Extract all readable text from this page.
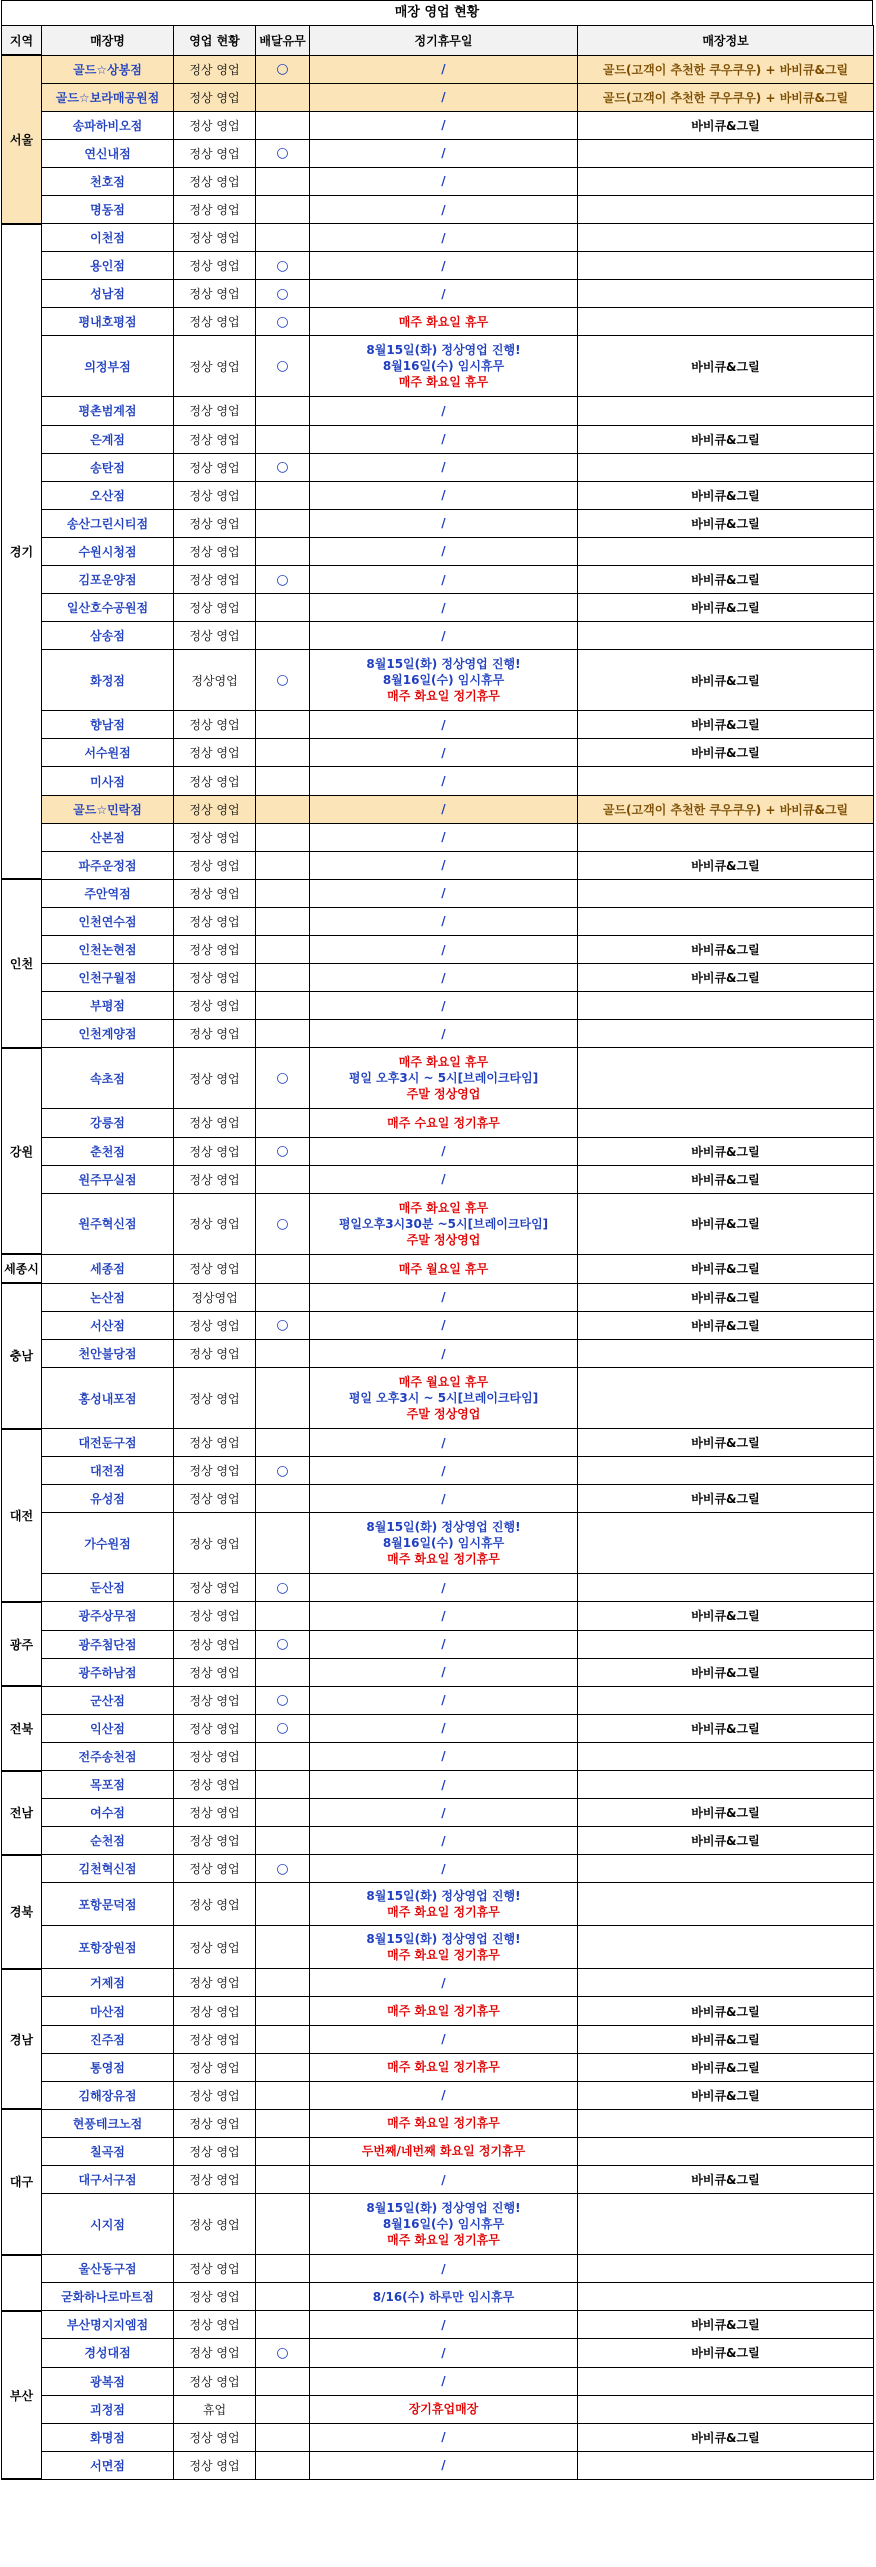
매장 영업 현황
지역	매장명	영업 현황	배달유무	정기휴무일	매장정보
서울	골드☆상봉점	정상 영업	○	/	골드(고객이 추천한 쿠우쿠우) + 바비큐&그릴
	골드☆보라매공원점	정상 영업		/	골드(고객이 추천한 쿠우쿠우) + 바비큐&그릴
	송파하비오점	정상 영업		/	바비큐&그릴
	연신내점	정상 영업	○	/	

	천호점	정상 영업		/	

	명동점	정상 영업		/	

경기	이천점	정상 영업		/	

	용인점	정상 영업	○	/	

	성남점	정상 영업	○	/	

	평내호평점	정상 영업	○	매주 화요일 휴무	

	의정부점	정상 영업	○	8월15일(화) 정상영업 진행!
8월16일(수) 임시휴무
매주 화요일 휴무	바비큐&그릴
	평촌범계점	정상 영업		/	

	은계점	정상 영업		/	바비큐&그릴
	송탄점	정상 영업	○	/	

	오산점	정상 영업		/	바비큐&그릴
	송산그린시티점	정상 영업		/	바비큐&그릴
	수원시청점	정상 영업		/	

	김포운양점	정상 영업	○	/	바비큐&그릴
	일산호수공원점	정상 영업		/	바비큐&그릴
	삼송점	정상 영업		/	

	화정점	정상영업	○	8월15일(화) 정상영업 진행!
8월16일(수) 임시휴무
매주 화요일 정기휴무	바비큐&그릴
	향남점	정상 영업		/	바비큐&그릴
	서수원점	정상 영업		/	바비큐&그릴
	미사점	정상 영업		/	

	골드☆민락점	정상 영업		/	골드(고객이 추천한 쿠우쿠우) + 바비큐&그릴
	산본점	정상 영업		/	

	파주운정점	정상 영업		/	바비큐&그릴
인천	주안역점	정상 영업		/	

	인천연수점	정상 영업		/	

	인천논현점	정상 영업		/	바비큐&그릴
	인천구월점	정상 영업		/	바비큐&그릴
	부평점	정상 영업		/	

	인천계양점	정상 영업		/	

강원	속초점	정상 영업	○	매주 화요일 휴무
평일 오후3시 ~ 5시[브레이크타임]
주말 정상영업	

	강릉점	정상 영업		매주 수요일 정기휴무	

	춘천점	정상 영업	○	/	바비큐&그릴
	원주무실점	정상 영업		/	바비큐&그릴
	원주혁신점	정상 영업	○	매주 화요일 휴무
평일오후3시30분 ~5시[브레이크타임]
주말 정상영업	바비큐&그릴
세종시	세종점	정상 영업		매주 월요일 휴무	바비큐&그릴
충남	논산점	정상영업		/	바비큐&그릴
	서산점	정상 영업	○	/	바비큐&그릴
	천안불당점	정상 영업		/	

	홍성내포점	정상 영업		매주 월요일 휴무
평일 오후3시 ~ 5시[브레이크타임]
주말 정상영업	

대전	대전둔구점	정상 영업		/	바비큐&그릴
	대전점	정상 영업	○	/	

	유성점	정상 영업		/	바비큐&그릴
	가수원점	정상 영업		8월15일(화) 정상영업 진행!
8월16일(수) 임시휴무
매주 화요일 정기휴무	

	둔산점	정상 영업	○	/	

광주	광주상무점	정상 영업		/	바비큐&그릴
	광주첨단점	정상 영업	○	/	

	광주하남점	정상 영업		/	바비큐&그릴
전북	군산점	정상 영업	○	/	

	익산점	정상 영업	○	/	바비큐&그릴
	전주송천점	정상 영업		/	

전남	목포점	정상 영업		/	

	여수점	정상 영업		/	바비큐&그릴
	순천점	정상 영업		/	바비큐&그릴
경북	김천혁신점	정상 영업	○	/	

	포항문덕점	정상 영업		8월15일(화) 정상영업 진행!
매주 화요일 정기휴무	

	포항장원점	정상 영업		8월15일(화) 정상영업 진행!
매주 화요일 정기휴무	

경남	거제점	정상 영업		/	

	마산점	정상 영업		매주 화요일 정기휴무	바비큐&그릴
	진주점	정상 영업		/	바비큐&그릴
	통영점	정상 영업		매주 화요일 정기휴무	바비큐&그릴
	김해장유점	정상 영업		/	바비큐&그릴
대구	현풍테크노점	정상 영업		매주 화요일 정기휴무	

	칠곡점	정상 영업		두번째/네번째 화요일 정기휴무	

	대구서구점	정상 영업		/	바비큐&그릴
	시지점	정상 영업		8월15일(화) 정상영업 진행!
8월16일(수) 임시휴무
매주 화요일 정기휴무	

	울산동구점	정상 영업		/	

	굳화하나로마트점	정상 영업		8/16(수) 하루만 임시휴무	

부산	부산명지지엠점	정상 영업		/	바비큐&그릴
	경성대점	정상 영업	○	/	바비큐&그릴
	광복점	정상 영업		/	

	괴정점	휴업		장기휴업매장	

	화명점	정상 영업		/	바비큐&그릴
	서면점	정상 영업		/	
